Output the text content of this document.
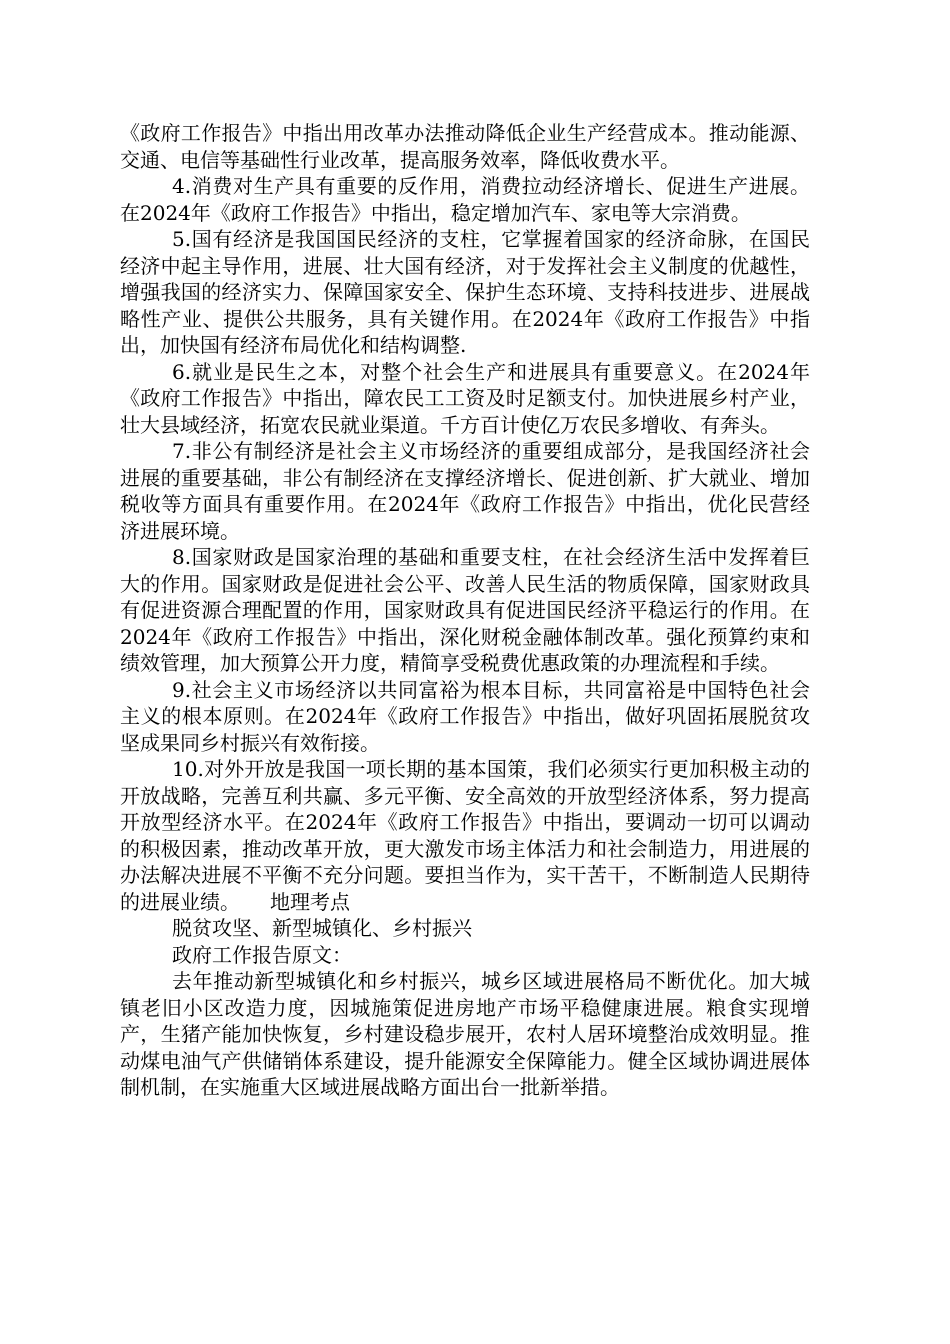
《政府工作报告》中指出用改革办法推动降低企业生产经营成本。推动能源、交通、电信等基础性行业改革，提高服务效率，降低收费水平。

4.消费对生产具有重要的反作用，消费拉动经济增长、促进生产进展。在2024年《政府工作报告》中指出，稳定增加汽车、家电等大宗消费。

5.国有经济是我国国民经济的支柱，它掌握着国家的经济命脉，在国民经济中起主导作用，进展、壮大国有经济，对于发挥社会主义制度的优越性，增强我国的经济实力、保障国家安全、保护生态环境、支持科技进步、进展战略性产业、提供公共服务，具有关键作用。在2024年《政府工作报告》中指出，加快国有经济布局优化和结构调整.

6.就业是民生之本，对整个社会生产和进展具有重要意义。在2024年《政府工作报告》中指出，障农民工工资及时足额支付。加快进展乡村产业，壮大县域经济，拓宽农民就业渠道。千方百计使亿万农民多增收、有奔头。

7.非公有制经济是社会主义市场经济的重要组成部分，是我国经济社会进展的重要基础，非公有制经济在支撑经济增长、促进创新、扩大就业、增加税收等方面具有重要作用。在2024年《政府工作报告》中指出，优化民营经济进展环境。

8.国家财政是国家治理的基础和重要支柱，在社会经济生活中发挥着巨大的作用。国家财政是促进社会公平、改善人民生活的物质保障，国家财政具有促进资源合理配置的作用，国家财政具有促进国民经济平稳运行的作用。在2024年《政府工作报告》中指出，深化财税金融体制改革。强化预算约束和绩效管理，加大预算公开力度，精简享受税费优惠政策的办理流程和手续。

9.社会主义市场经济以共同富裕为根本目标，共同富裕是中国特色社会主义的根本原则。在2024年《政府工作报告》中指出，做好巩固拓展脱贫攻坚成果同乡村振兴有效衔接。

10.对外开放是我国一项长期的基本国策，我们必须实行更加积极主动的开放战略，完善互利共赢、多元平衡、安全高效的开放型经济体系，努力提高开放型经济水平。在2024年《政府工作报告》中指出，要调动一切可以调动的积极因素，推动改革开放，更大激发市场主体活力和社会制造力，用进展的办法解决进展不平衡不充分问题。要担当作为，实干苦干，不断制造人民期待的进展业绩。　　地理考点

脱贫攻坚、新型城镇化、乡村振兴

政府工作报告原文：

去年推动新型城镇化和乡村振兴，城乡区域进展格局不断优化。加大城镇老旧小区改造力度，因城施策促进房地产市场平稳健康进展。粮食实现增产，生猪产能加快恢复，乡村建设稳步展开，农村人居环境整治成效明显。推动煤电油气产供储销体系建设，提升能源安全保障能力。健全区域协调进展体制机制，在实施重大区域进展战略方面出台一批新举措。
